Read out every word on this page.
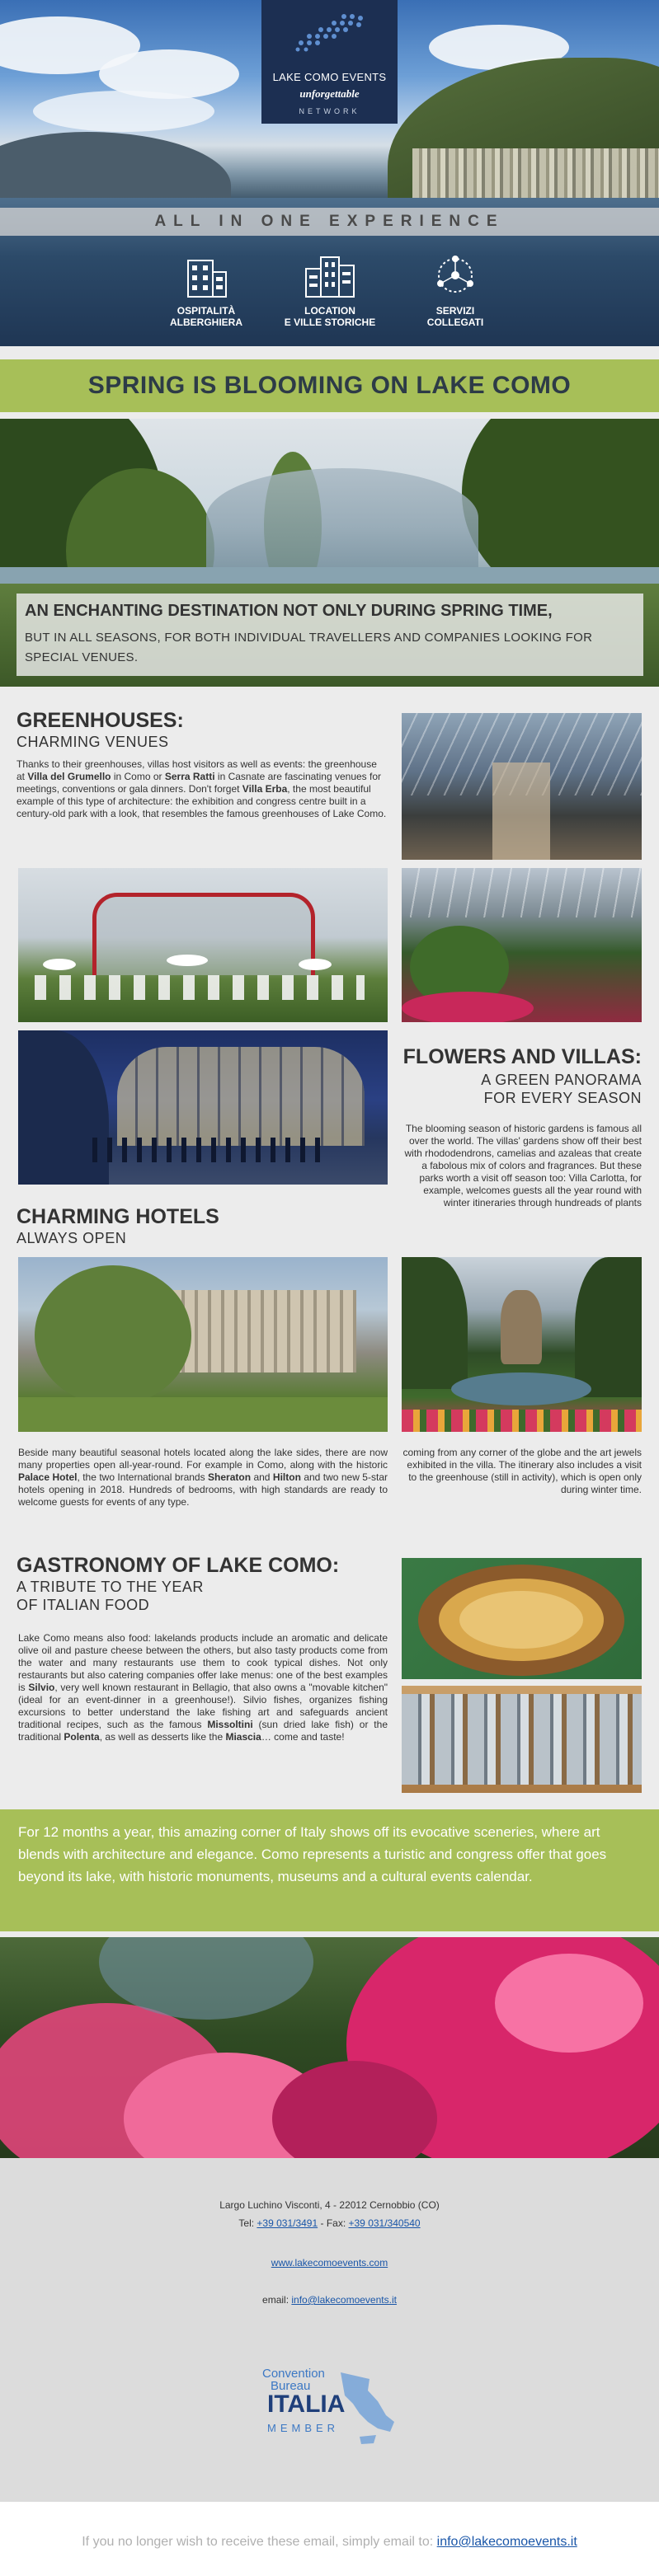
LAKE COMO EVENTS
unforgettable
NETWORK
ALL IN ONE EXPERIENCE
OSPITALITÀ
ALBERGHIERA
LOCATION
E VILLE STORICHE
SERVIZI
COLLEGATI
SPRING IS BLOOMING ON LAKE COMO
AN ENCHANTING DESTINATION NOT ONLY DURING SPRING TIME,
BUT IN ALL SEASONS, FOR BOTH INDIVIDUAL TRAVELLERS AND COMPANIES LOOKING FOR SPECIAL VENUES.
GREENHOUSES:
CHARMING VENUES
Thanks to their greenhouses, villas host visitors as well as events: the greenhouse at Villa del Grumello in Como or Serra Ratti in Casnate are fascinating venues for meetings, conventions or gala dinners. Don't forget Villa Erba, the most beautiful example of this type of architecture: the exhibition and congress centre built in a century-old park with a look, that resembles the famous greenhouses of Lake Como.
FLOWERS AND VILLAS:
A GREEN PANORAMA
FOR EVERY SEASON
The blooming season of historic gardens is famous all over the world. The villas' gardens show off their best with rhododendrons, camelias and azaleas that create a fabolous mix of colors and fragrances. But these parks worth a visit off season too: Villa Carlotta, for example, welcomes guests all the year round with winter itineraries through hundreads of plants
CHARMING HOTELS
ALWAYS OPEN
Beside many beautiful seasonal hotels located along the lake sides, there are now many properties open all-year-round. For example in Como, along with the historic Palace Hotel, the two International brands Sheraton and Hilton and two new 5-star hotels opening in 2018. Hundreds of bedrooms, with high standards are ready to welcome guests for events of any type.
coming from any corner of the globe and the art jewels exhibited in the villa. The itinerary also includes a visit to the greenhouse (still in activity), which is open only during winter time.
GASTRONOMY OF LAKE COMO:
A TRIBUTE TO THE YEAR
OF ITALIAN FOOD
Lake Como means also food: lakelands products include an aromatic and delicate olive oil and pasture cheese between the others, but also tasty products come from the water and many restaurants use them to cook typical dishes. Not only restaurants but also catering companies offer lake menus: one of the best examples is Silvio, very well known restaurant in Bellagio, that also owns a "movable kitchen" (ideal for an event-dinner in a greenhouse!). Silvio fishes, organizes fishing excursions to better understand the lake fishing art and safeguards ancient traditional recipes, such as the famous Missoltini (sun dried lake fish) or the traditional Polenta, as well as desserts like the Miascia… come and taste!

For 12 months a year, this amazing corner of Italy shows off its evocative sceneries, where art blends with architecture and elegance. Como represents a turistic and congress offer that goes beyond its lake, with historic monuments, museums and a cultural events calendar.

Largo Luchino Visconti, 4 - 22012 Cernobbio (CO)
Tel: +39 031/3491 - Fax: +39 031/340540
www.lakecomoevents.com
email: info@lakecomoevents.it
Convention
Bureau
ITALIA
MEMBER
If you no longer wish to receive these email, simply email to: info@lakecomoevents.it
